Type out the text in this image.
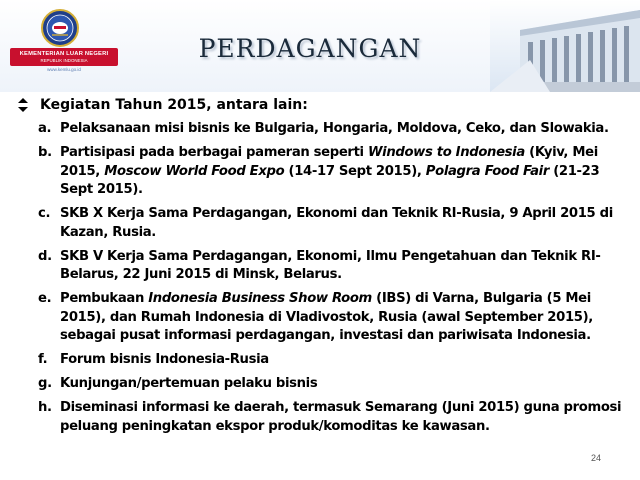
KEMENTERIAN LUAR NEGERI
REPUBLIK INDONESIA
www.kemlu.go.id
PERDAGANGAN
Kegiatan Tahun 2015, antara lain:
a. Pelaksanaan misi bisnis ke Bulgaria, Hongaria, Moldova, Ceko, dan Slowakia.
b. Partisipasi pada berbagai pameran seperti Windows to Indonesia (Kyiv, Mei 2015, Moscow World Food Expo (14-17 Sept 2015), Polagra Food Fair (21-23 Sept 2015).
c. SKB X Kerja Sama Perdagangan, Ekonomi dan Teknik RI-Rusia, 9 April 2015 di Kazan, Rusia.
d. SKB V Kerja Sama Perdagangan, Ekonomi, Ilmu Pengetahuan dan Teknik RI-Belarus, 22 Juni 2015 di Minsk, Belarus.
e. Pembukaan Indonesia Business Show Room (IBS) di Varna, Bulgaria (5 Mei 2015), dan Rumah Indonesia di Vladivostok, Rusia (awal September 2015), sebagai pusat informasi perdagangan, investasi dan pariwisata Indonesia.
f. Forum bisnis Indonesia-Rusia
g. Kunjungan/pertemuan pelaku bisnis
h. Diseminasi informasi ke daerah, termasuk Semarang (Juni 2015) guna promosi peluang peningkatan ekspor produk/komoditas ke kawasan.
24
